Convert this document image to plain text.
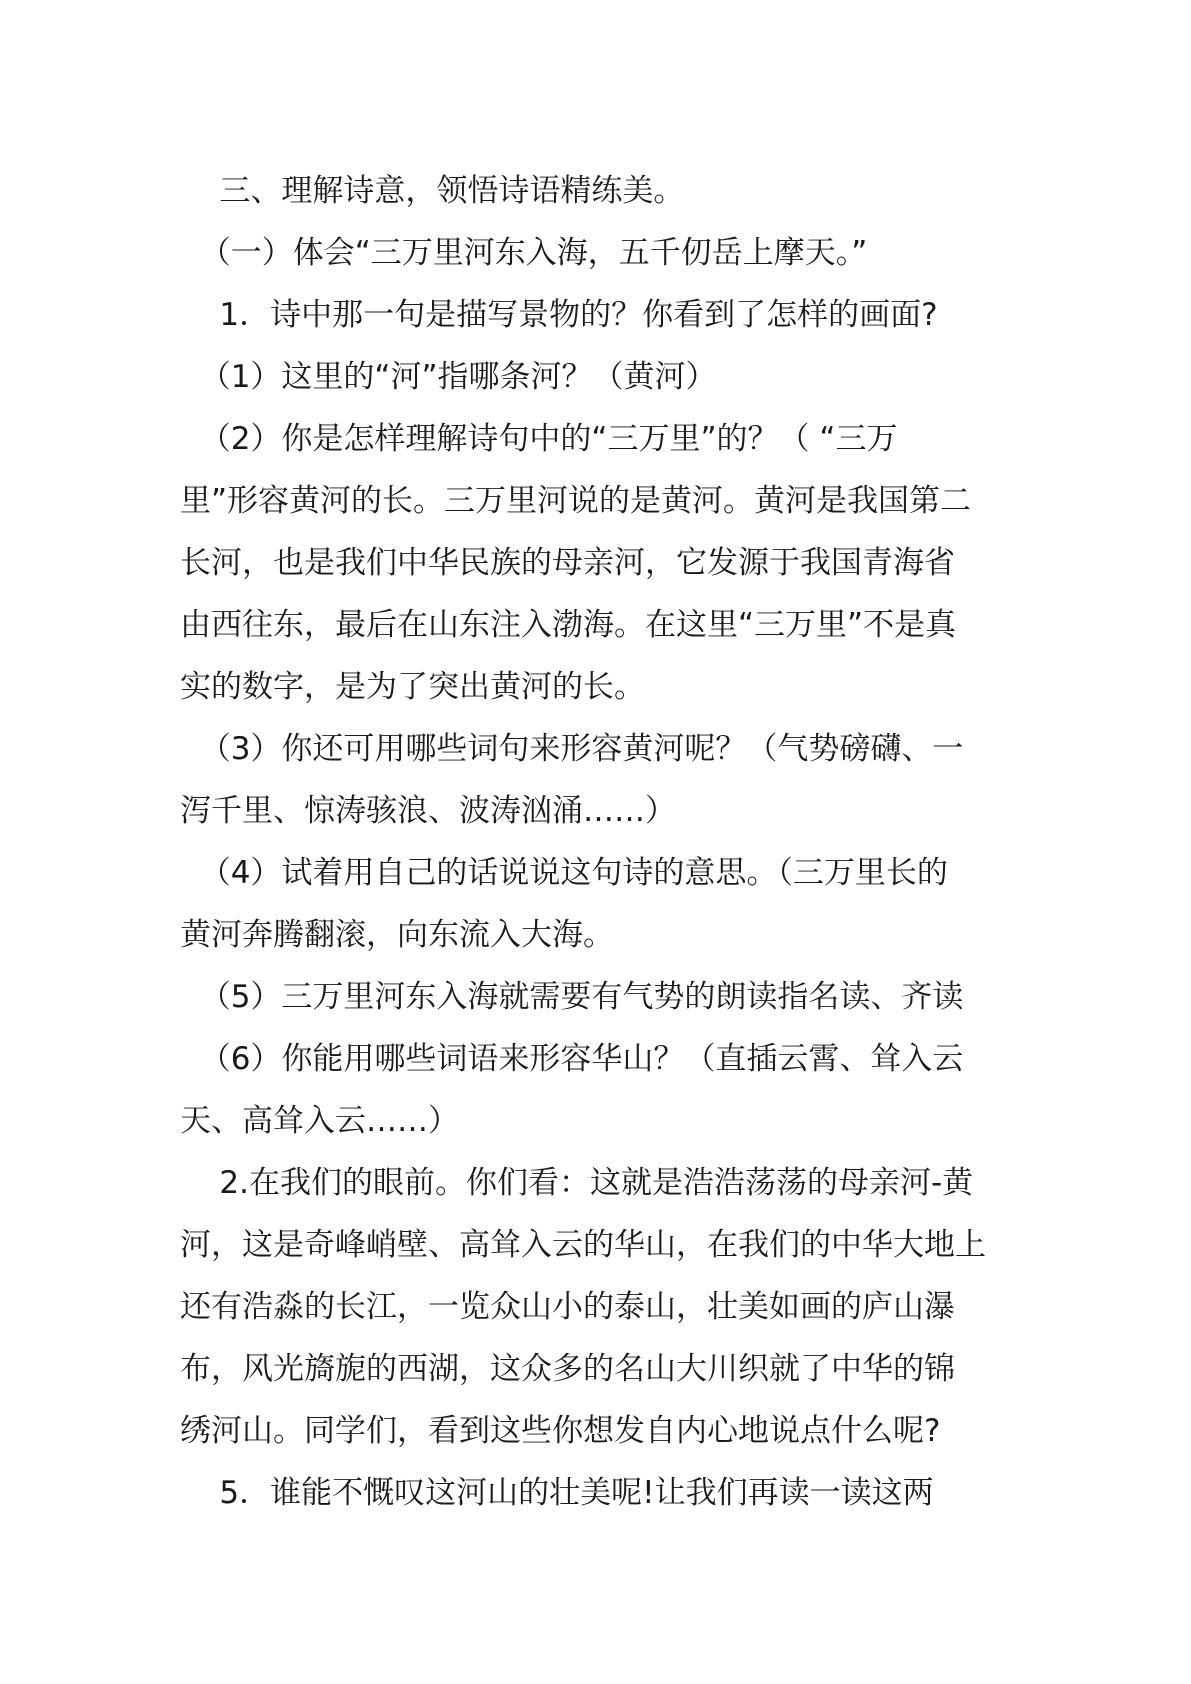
三、理解诗意，领悟诗语精练美。

（一）体会“三万里河东入海，五千仞岳上摩天。”

1．诗中那一句是描写景物的？你看到了怎样的画面?

（1）这里的“河”指哪条河？（黄河）

（2）你是怎样理解诗句中的“三万里”的？（ “三万

里”形容黄河的长。三万里河说的是黄河。黄河是我国第二

长河，也是我们中华民族的母亲河，它发源于我国青海省

由西往东，最后在山东注入渤海。在这里“三万里”不是真

实的数字，是为了突出黄河的长。

（3）你还可用哪些词句来形容黄河呢？（气势磅礴、一

泻千里、惊涛骇浪、波涛汹涌……）

（4）试着用自己的话说说这句诗的意思。（三万里长的

黄河奔腾翻滚，向东流入大海。

（5）三万里河东入海就需要有气势的朗读指名读、齐读

（6）你能用哪些词语来形容华山？（直插云霄、耸入云

天、高耸入云……）

2.在我们的眼前。你们看：这就是浩浩荡荡的母亲河-黄

河，这是奇峰峭壁、高耸入云的华山，在我们的中华大地上

还有浩淼的长江，一览众山小的泰山，壮美如画的庐山瀑

布，风光旖旎的西湖，这众多的名山大川织就了中华的锦

绣河山。同学们，看到这些你想发自内心地说点什么呢?

5．谁能不慨叹这河山的壮美呢!让我们再读一读这两
